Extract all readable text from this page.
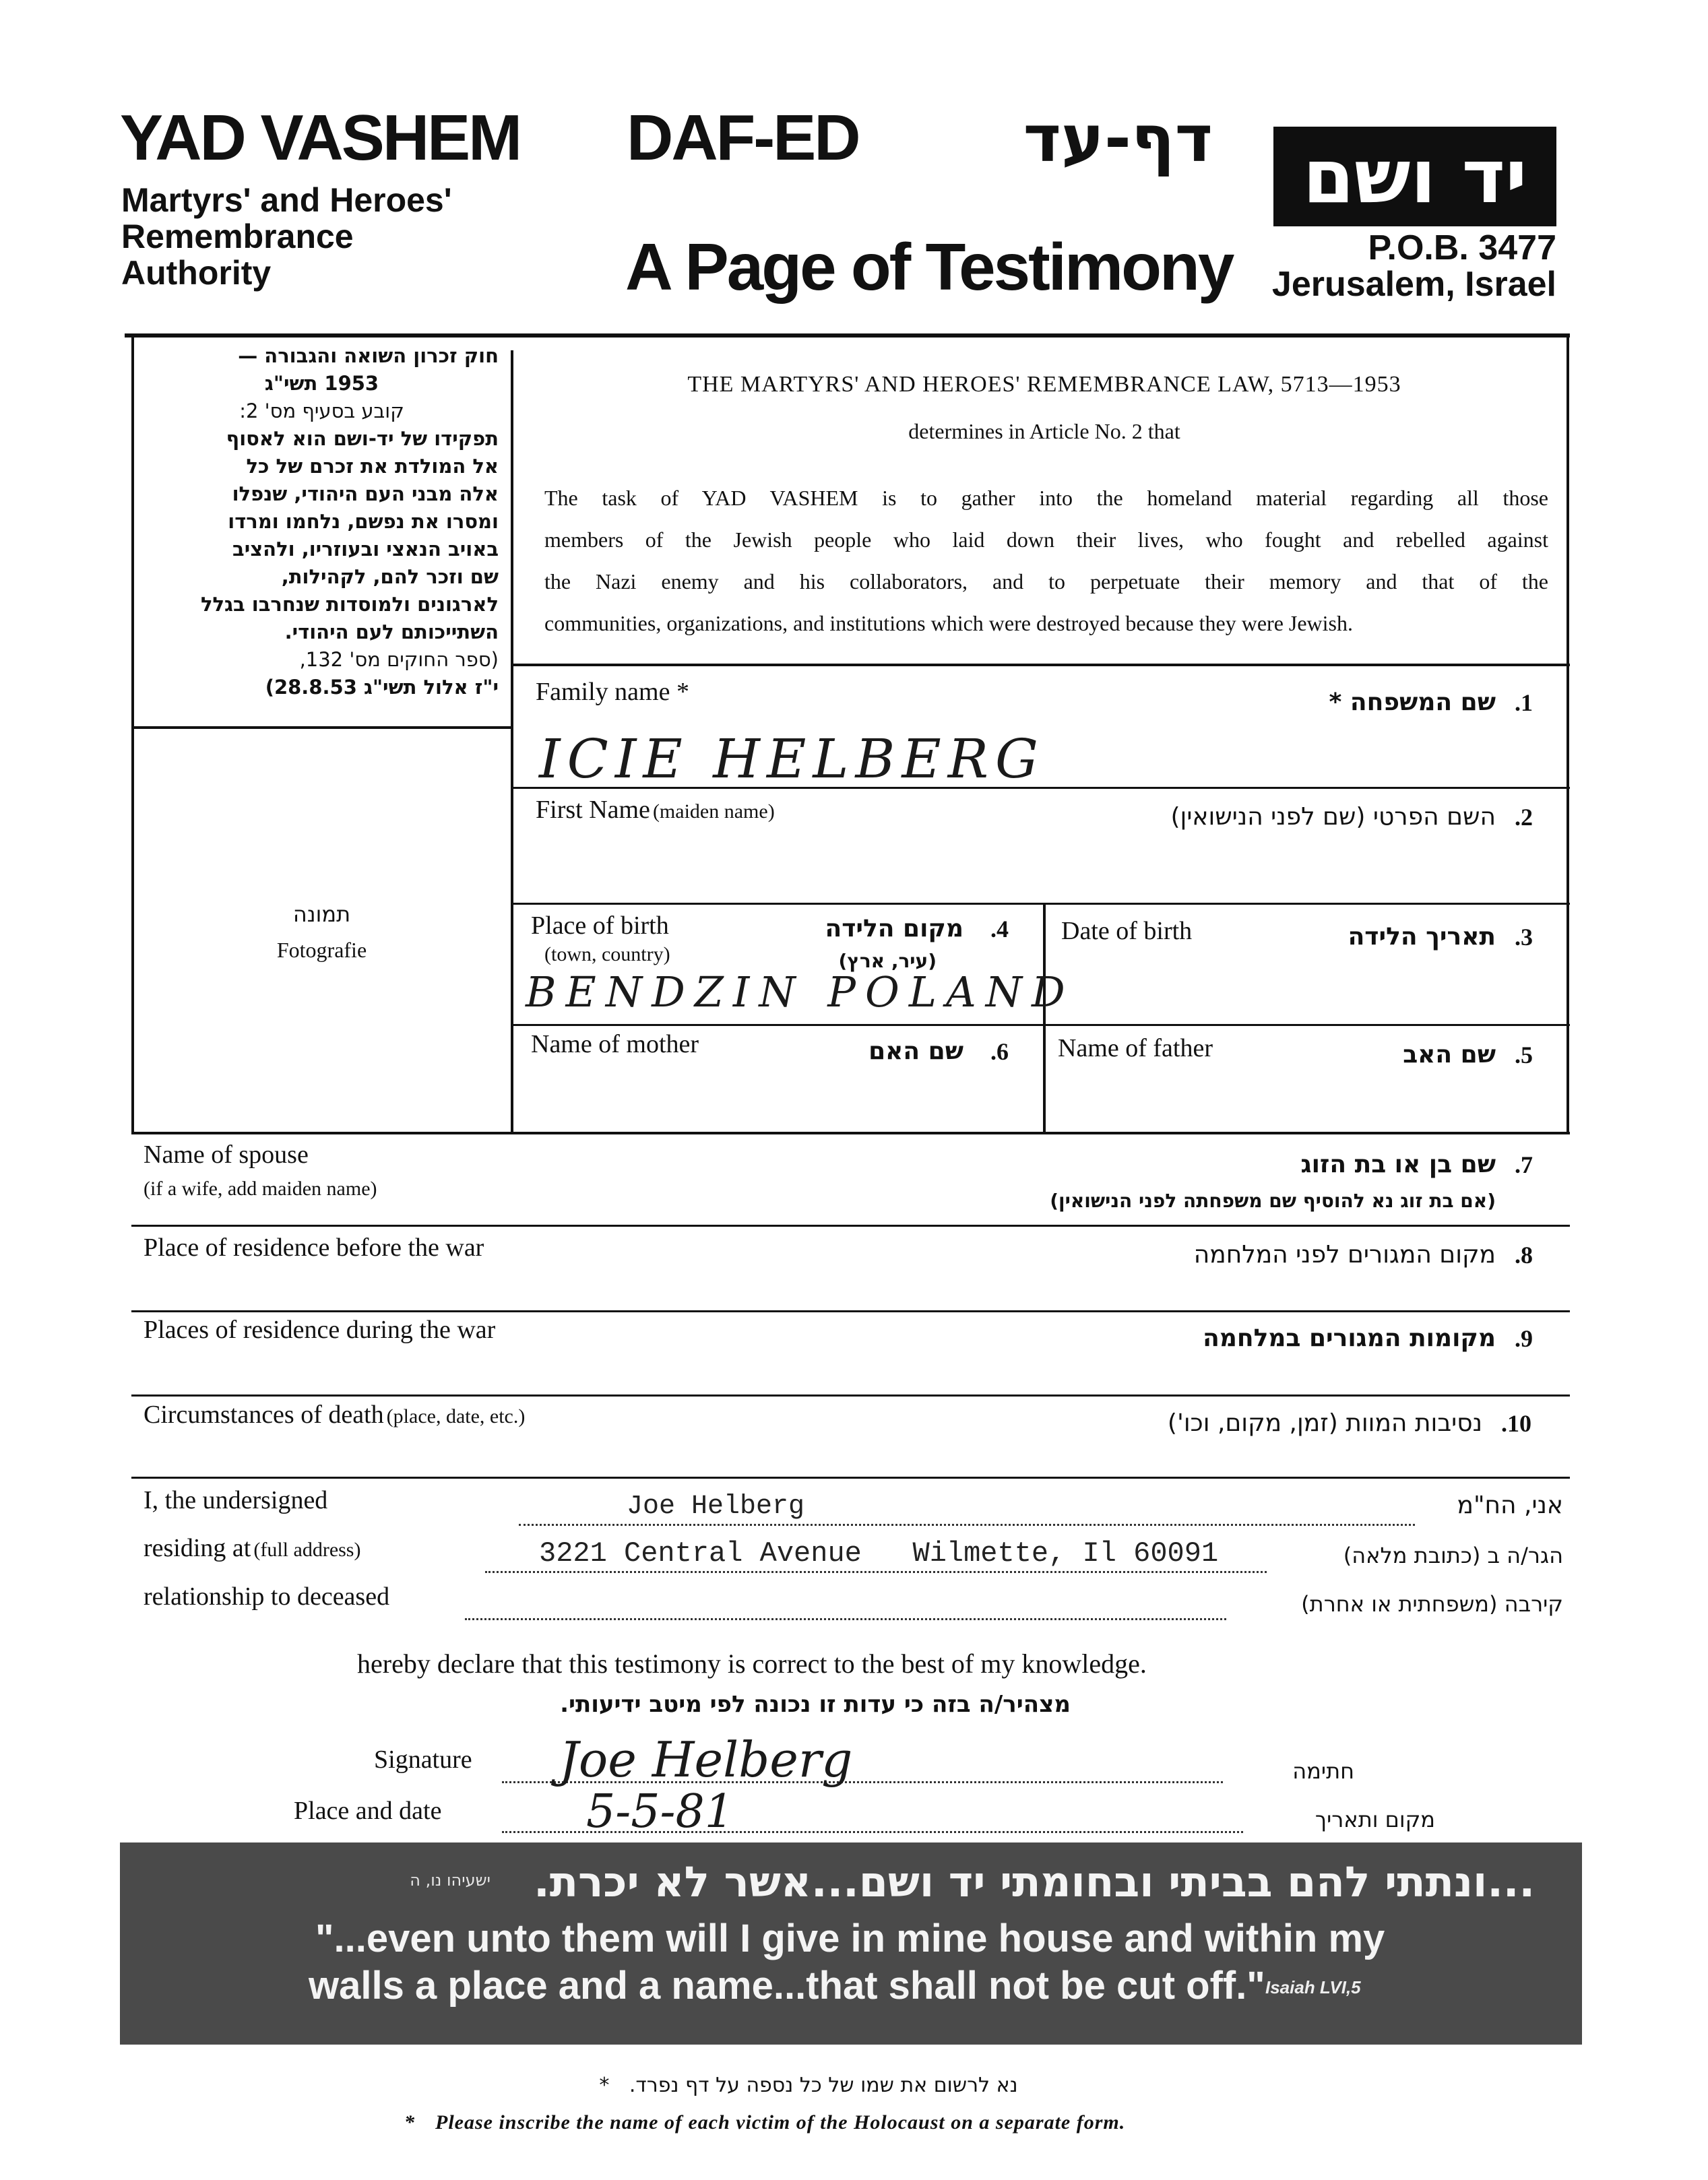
YAD VASHEM
Martyrs' and Heroes'
Remembrance
Authority
DAF-ED	דף-עד
A Page of Testimony
יד ושם
P.O.B. 3477
Jerusalem, Israel
חוק זכרון השואה והגבורה —
1953 תשי"ג
קובע בסעיף מס' 2:
תפקידו של יד-ושם הוא לאסוף
אל המולדת את זכרם של כל
אלה מבני העם היהודי, שנפלו
ומסרו את נפשם, נלחמו ומרדו
באויב הנאצי ובעוזריו, ולהציב
שם וזכר להם, לקהילות,
לארגונים ולמוסדות שנחרבו בגלל
השתייכותם לעם היהודי.
(ספר החוקים מס' 132,
י"ז אלול תשי"ג 28.8.53)
תמונה
Fotografie
THE MARTYRS' AND HEROES' REMEMBRANCE LAW, 5713—1953
determines in Article No. 2 that
The task of YAD VASHEM is to gather into the homeland material regarding all those
members of the Jewish people who laid down their lives, who fought and rebelled against
the Nazi enemy and his collaborators, and to perpetuate their memory and that of the
communities, organizations, and institutions which were destroyed because they were Jewish.
Family name *	שם המשפחה * .1
ICIE HELBERG
First Name (maiden name)	השם הפרטי (שם לפני הנישואין) .2
Place of birth
(town, country)
מקום הלידה
(עיר, ארץ)
.4
BENDZIN POLAND
Date of birth	תאריך הלידה .3
Name of mother	שם האם .6 Name of father	שם האב .5
Name of spouse
(if a wife, add maiden name)
שם בן או בת הזוג .7
(אם בת זוג נא להוסיף שם משפחתה לפני הנישואין)
Place of residence before the war	מקום המגורים לפני המלחמה .8
Places of residence during the war	מקומות המגורים במלחמה .9
Circumstances of death (place, date, etc.)	נסיבות המוות (זמן, מקום, וכו') .10
I, the undersigned	Joe Helberg	אני, הח"מ
residing at (full address)	3221 Central Avenue   Wilmette, Il 60091	הגר/ה ב (כתובת מלאה)
relationship to deceased	קירבה (משפחתית או אחרת)
hereby declare that this testimony is correct to the best of my knowledge.
מצהיר/ה בזה כי עדות זו נכונה לפי מיטב ידיעותי.
Signature Joe Helberg	חתימה
Place and date	5-5-81	מקום ותאריך
...ונתתי להם בביתי ובחומתי יד ושם...אשר לא יכרת.
ישעיהו נו, ה
"...even unto them will I give in mine house and within my
walls a place and a name...that shall not be cut off." Isaiah LVI,5
נא לרשום את שמו של כל נספה על דף נפרד. *
* Please inscribe the name of each victim of the Holocaust on a separate form.
